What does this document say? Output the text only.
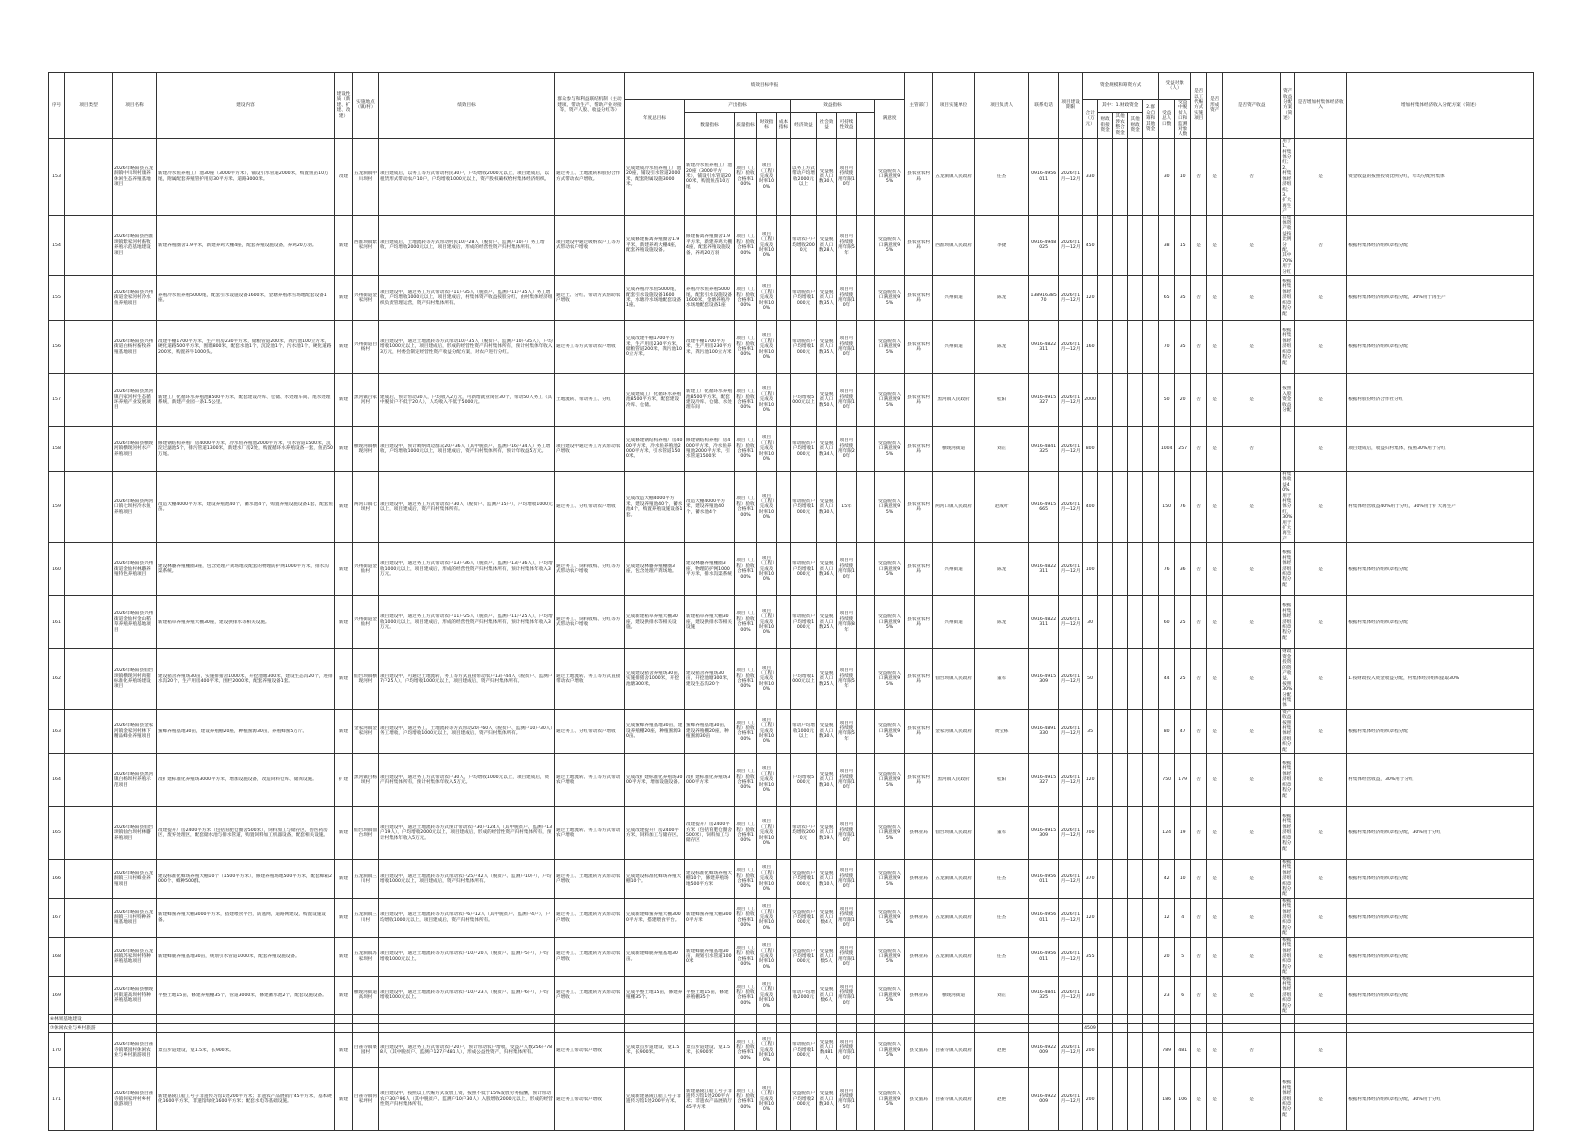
序号	项目类型	项目名称	建设内容	建设性质（新建、扩建、改建）	实施地点（镇/村）	绩效目标	群众参与和利益联结机制（主动建项、带动生产、帮助产业对接等，资产人股、收益分红等）	绩效目标申报										主管部门	项目实施单位	项目负责人	联系电话	项目建设期限	资金规模和筹资方式					受益对象（人）		是否以工代赈方式实施项目	是否形成资产	是否资产收益	资产收益分配方案（简述）	是否增加村集体经济收入	增加村集体经济收入分配方案（简述）
								年度总目标	产出指标				效益指标				满意度						合计（万元）	其中：1.财政资金			2.群众自筹和其他资金	受益总人口数	受益中脱贫人口和监测对象人数						
									数量指标	质量指标	时效指标	成本指标	经济效益	社会效益	可持续性效益									财政衔接资金	其他涉农整合资金	其他财政资金									

153		2026年略阳县五龙洞镇中川坝村康养休闲生态养殖基地项目	新建冷水鱼养殖工厂池30座（3000平方米），铺设引水管道2000米，购置鱼苗10万尾，附属配套养殖管护用房30平方米、道路3000米。	改建	五龙洞镇中川坝村	项目建成后，以务工等方式带动村民30户，户均增收2000元以上，项目建成后，以租赁形式带动农户10户，户均增收1000元以上，资产股权确权给村集体经济组织。	通过务工、土地流转和股份合作方式带动农户增收。	完成建成冷水鱼养殖工厂池20座，铺设引水管道2000米，配套附属设施3000米。	新建冷水鱼养殖工厂池20座（3000平方米），铺设引水管道2000米，购置鱼苗10万尾	项目（工程）验收合格率100%	项目（工程）完成及时率100%		以务工方式带动户均增收2000元以上	受益脱贫人口数30人	项目可持续使用年限10年		受益脱贫人口满意度95%	县农业农村局	五龙洞镇人民政府	任杰	0916-4956011	2026年1月—12月	330					30	10	否	是	否	用于1、村集体分红；2、村集体经济组织；3、扩大再生产	是	资金收益的按照投资比例分红，年均分配村集体

154		2026年略阳县西淮坝镇紫家河村畜牧养殖示范基地建设项目	新建养殖圈舍1.9平米，新建养鸡大棚4座，配套养殖设施设备，养鸡20万羽。	新建	西淮坝镇紫家河村	项目建成后，土地流转等方式带动村民10户28人（脱贫户、监测户10户）务工增收，户均增收2000元以上，项目建成后，形成的经营性资产归村集体所有。	项目建设中通过吸纳农户工等方式带动农户增收	完成修建畜禽养殖圈舍1.9平米，新建养鸡大棚4座，配套养殖设施设备。	修建畜禽养殖圈舍1.9平方米，新建养鸡大棚4座，配套养殖设施设备，养鸡20万羽	项目（工程）验收合格率100%	项目（工程）完成及时率100%		带动农户户均增收2000元	受益脱贫人口数28人	项目可持续使用年限5年		受益脱贫人口满意度95%	县农业农村局	西淮坝镇人民政府	李捷	0916-4948025	2026年1月—12月	450					38	15	是	是	是	在集体资产收益按比例分配，其中70%用于分红	否	根据村集体经济组织章程分配

155		2026年略阳县兴州街道金家河村冷水鱼养殖项目	养殖冷水鱼养殖5000尾，配套引水设施设备1600米，金塘养殖冰雪场地配套设备1座。	新建	兴州街道金家河村	项目建设中，通过务工方式带动农户11户35人（脱贫户、监测户11户35人）务工增收，户均增收1000元以上，项目建成后，村集体资产收益按股分红，由村集体经济组织负责管理运营，资产归村集体所有。	通过土、分红、带动方式帮助农户增收	完成养殖冷水鱼5000尾，配套引水设施设备1600米，水塘冷水场地配套设备1座。	养殖冷水鱼养殖5000尾，配套引水设施设备1600米，金塘养殖冷水场地配套设备1座	项目（工程）验收合格率100%	项目（工程）完成及时率100%		带动脱贫户户均增收1000元	受益脱贫人口数35人	项目可持续使用年限10年		受益脱贫人口满意度95%	县农业农村局	兴州街道	陈龙	13891638570	2026年1月—12月	120					65	35	否	是	是	根据村集体经济组织章程分配	是	根据村集体经济组织章程分配，30%用于再生产

156		2026年略阳县兴州街道白杨村畜牧养殖基地项目	改建牛棚1700平方米，生产用房230平方米，储粮管道200米，粪污池100立方米，硬化道路500平方米，围墙800米，配套水池1个，沉淀池1个，污水池1个，硬化道路200米，购置养牛1000头。	新建	兴州街道白杨村	项目建设中，通过土地流转等方式带动10户35人（脱贫户、监测户10户35人），户均增收1000元以上，项目建成后，形成的经营性资产归村集体所有，预计村集体年收入3万元，村委会制定经营性资产收益分配方案，对农户进行分红。	通过务工等方式带动农户增收	完成改建牛棚1700平方米，生产用房230平方米，储粮管道200米，粪污池100立方米。	改建牛棚1700平方米，生产用房230平方米，粪污池100立方米	项目（工程）验收合格率100%	项目（工程）完成及时率100%		带动脱贫户户均增收1000元	受益脱贫人口数35人	项目可持续使用年限10年		受益脱贫人口满意度95%	县农业农村局	兴州街道	陈龙	0916-4822311	2026年1月—12月	160					70	35	否	是	是	根据村集体经济组织章程分配	是	根据村集体经济组织章程分配

157		2026年略阳县黑河镇百家河村生态循环养殖产业发展项目	新建工厂化循环水养殖池8500平方米，配套建设冷库、仓储、水处理车间、尾水处理系统，新建产业园一条1.5公里。	新建	黑河镇百家河村	建成后，预计带动30人，户均收入2万元，可新增就业岗位30个，带动50人务工（其中脱贫户不低于20人），人均收入不低于5000元。	土地流转、带动务工、分红	完成建成工厂化循环水养殖池8500平方米，配套建设冷库、仓储。	新建工厂化循环水养殖池8500平方米，配套建设冷库、仓储、水处理车间	项目（工程）验收合格率100%	项目（工程）完成及时率100%		户均增收5000元以上	受益脱贫人口数50人	项目可持续使用年限10年		受益脱贫人口满意度95%	县农业农村局	黑河镇人民政府	桂阳	0916-4915327	2026年1月—12月	2000					50	20	否	是	是	按照入股资金收益分配	是	根据村股份经济合作社分红

158		2026年略阳县横现河镇横现河村水产养殖项目	修建钢结构养殖厂房4000平方米，冷水鱼养殖池2000平方米，引水管道1500米，沉淀过滤池5个，排污管道1300米，新建水厂房2处，购置循环水养殖设备一套，鱼苗50万尾。	新建	横现河镇横现河村	项目建设中，预计吸纳周边群众20户36人（其中脱贫户、监测户16户34人）务工增收，户均增收1000元以上，项目建成后，资产归村集体所有，预计年收益5万元。	项目建设中通过务工方式带动农户增收	完成修建钢结构养殖厂房4000平方米，冷水鱼养殖池2000平方米，引水管道1500米。	修建钢结构养殖厂房4000平方米，冷水鱼养殖池2000平方米，引水管道1500米	项目（工程）验收合格率100%	项目（工程）完成及时率100%		带动脱贫户户均增收1000元	受益脱贫人口数34人	项目可持续使用年限20年		受益脱贫人口满意度95%	县农业农村局	横现河街道	刘正	0916-4841325	2026年1月—12月	800					1004	257	否	是	否		是	项目建成后，收益归村集体，按照30%用于分红

159		2026年略阳县两河口镇七坝村冷水鱼养殖项目	改造大棚4000平方米，建设养殖池40个，蓄水池4个，购置养殖设施设备1套，配套鱼苗。	新建	两河口镇七坝村	项目建设中，通过务工方式带动农户30人（脱贫户、监测户15户），户均增收1000元以上，项目建成后，资产归村集体所有。	通过务工、分红带动农户增收	完成改造大棚4000平方米，建设养殖池40个，蓄水池4个，购置养殖设施设备1套。	改造大棚4000平方米，建设养殖池40个，蓄水池4个	项目（工程）验收合格率100%	项目（工程）完成及时率100%		带动脱贫户户均增收1000元	受益脱贫人口数30人	15年		受益脱贫人口满意度95%	县农业农村局	两河口镇人民政府	赵成叶	0916-4915665	2026年1月—12月	400					150	76	否	是	是	村集体收益40%用于村集体分红，30%用于扩大再生产	是	村集体经营收益40%用于分红，30%用于扩大再生产

160		2026年略阳县兴州街道金仙村林麝养殖特色养殖项目	建设林麝养殖棚圈3座，包含处理产粪场地及配套的物理防护网1000平方米，排水沟渠系统。	新建	兴州街道金仙村	项目建设中，通过务工方式带动农户13户36人（脱贫户、监测户13户36人），户均增收1000元以上，项目建成后，形成的经营性资产归村集体所有，预计村集体年收入3万元。	通过务工、饲料收购、分红等方式带动农户增收	完成建设林麝养殖棚圈3座，包含处理产粪场地。	建设林麝养殖棚圈3座，物理防护网1000平方米，排水沟渠系统	项目（工程）验收合格率100%	项目（工程）完成及时率100%		带动脱贫户户均增收1000元	受益脱贫人口数36人	项目可持续使用年限10年		受益脱贫人口满意度95%	县农业农村局	兴州街道	陈龙	0916-4822311	2026年1月—12月	100					76	36	否	是	是	根据村集体经济组织章程分配	是	根据村集体经济组织章程分配

161		2026年略阳县兴州街道金仙村金山稻草养殖养殖基地项目	新建稻草养殖养殖大棚30座，建设供排水等相关设施。	新建	兴州街道金仙村	项目建设中，通过务工方式带动农户11户25人（脱贫户、监测户11户25人），户均增收1000元以上，项目建成后，形成的经营性资产归村集体所有，预计村集体年收入3万元。	通过务工、饲料收购、分红等方式带动农户增收	完成新建稻草养殖大棚30座，建设供排水等相关设施。	新建稻草养殖大棚30座，建设供排水等相关设施	项目（工程）验收合格率100%	项目（工程）完成及时率100%		带动脱贫户户均增收1000元	受益脱贫人口数25人	项目可持续使用年限8年		受益脱贫人口满意度95%	县农业农村局	兴州街道	陈龙	0916-4822311	2026年1月—12月	30					60	25	否	是	是	根据村集体经济组织章程分配	是	根据村集体经济组织章程分配

162		2026年略阳县仙台坝镇横现河村肉猪标准化养殖场建设项目	建设猪舍养殖场30亩，实施排猪舍1000米，开挖池塘300米，建设生态沟20个，进排水沟20个，生产用房400平米，围栏2000米，配套养殖设备1套。	新建	仙台坝镇横现河村	项目建设中，可通过土地流转，务工等方式直接带动农户13户44人（脱贫户、监测户7户25人），户均增收1000元以上，项目建成后，资产归村集体所有。	通过土地流转、务工等方式直接带动农户增收	完成建设猪舍养殖场30亩，实施排猪舍1000米，开挖池塘300米。	建设猪舍养殖场30亩，开挖池塘300米，建设生态沟20个	项目（工程）验收合格率100%	项目（工程）完成及时率100%		户均增收1000元以上	受益脱贫人口数25人	项目可持续使用年限5年		受益脱贫人口满意度95%	县农业农村局	仙台坝镇人民政府	董军	0916-4915309	2026年1月—12月	50					44	25	否	是	是	财政资金投资的资产收益，按照30%分配村集体	是	1.按财政投入资金收益分配，村集体经济组织提取30%

163		2026年略阳县金家河镇金家河村林下精品蜂业养殖项目	蜜蜂养殖基地30亩，建设养殖棚20座，种植蜜源30亩，养殖蜂蜜5万斤。	新建	金家河镇金家河村	项目建设中，通过务工，土地流转等方式带动20户60人（脱贫户、监测户10户30人）务工增收，户均增收1000元以上，项目建成后，资产归村集体所有。	通过务工、分红带动农户增收	完成蜜蜂养殖基地30亩，建设养殖棚20座，种植蜜源30亩。	蜜蜂养殖基地30亩，建设养殖棚20座，种植蜜源30亩	项目（工程）验收合格率100%	项目（工程）完成及时率100%		带动户均增收1000元以上	受益脱贫人口数30人	项目可持续使用年限5年		受益脱贫人口满意度95%	县农业农村局	金家河镇人民政府	黄宝栋	0916-4891330	2026年1月—12月	35					80	47	否	是	是	资产收益按照村集体经济组织分配	是	根据村集体经济组织章程分配

164		2026年略阳县黑河镇白杨坝村养殖示范项目	改扩建标准化养殖场3000平方米，增加设施设备，改造饲料仓库、储粪设施。	扩建	黑河镇白杨坝村	项目建设中，通过务工方式带动农户30人，户均增收1000元以上，项目建成后，资产归村集体所有，预计村集体年收入5万元。	通过土地流转、务工等方式带动农户增收	完成改扩建标准化养殖场3000平方米，增加设施设备。	改扩建标准化养殖场3000平方米	项目（工程）验收合格率100%	项目（工程）完成及时率100%		户均增收5000元	受益脱贫人口数30人	项目可持续使用年限10年		受益脱贫人口满意度95%	县农业农村局	黑河镇人民政府	桂阳	0916-4915327	2026年1月—12月	120					750	179	否	是	是	根据村集体经济组织章程分配	是	村集体经营收益，30%用于分红

165		2026年略阳县仙台坝镇仙台坝村林麝养殖项目	改建提升厂房2400平方米（包括育肥仓圈舍500米），饲料加工与储存区，兽医药房区，废弃处理区，配套储水池与排水管道，购置饲料加工机器设备，配套相关设施。	新建	仙台坝镇仙台坝村	项目建设中，通过土地流转等方式预计带动农户30户124人（其中脱贫户、监测户13户19人），户均增收2000元以上，项目建成后，形成的经营性资产归村集体所有，预计村集体年收入5万元。	通过土地流转、务工等方式带动农户增收	完成改建提升厂房2400平方米，饲料加工与储存区。	改建提升厂房2400平方米（包括育肥仓圈舍500米），饲料加工与储存区	项目（工程）验收合格率100%	项目（工程）完成及时率100%		带动农户户均增收2000元	受益脱贫人口数19人	项目可持续使用年限10年		受益脱贫人口满意度95%	县林业局	仙台坝镇人民政府	董军	0916-4915309	2026年1月—12月	700					124	19	否	是	是	根据村集体经济组织章程分配	是	根据村集体经济组织章程分配，30%用于分红

166		2026年略阳县五龙洞镇三川村蜂业养殖项目	建设标准化蜂场养殖大棚10个（1500平方米），修建养殖场地500平方米，配套蜂箱2000个、蜂种500群。	新建	五龙洞镇三川村	项目建设中，通过土地流转等方式带动农户25户42人（脱贫户、监测户10户），户均增收1000元以上，项目建成后，资产归村集体所有。	通过务工、土地流转方式带动农户增收	完成建设标准化蜂场养殖大棚10个。	建设标准化蜂场养殖大棚10个，修建养殖场地500平方米	项目（工程）验收合格率100%	项目（工程）完成及时率100%		受益脱贫户户均增收1000元	受益脱贫人口数10人	项目可持续使用年限10年		受益脱贫人口满意度95%	县林业局	五龙洞镇人民政府	任杰	0916-4956011	2026年1月—12月	370					42	10	否	是	是	根据村集体经济组织章程分配	是	根据村集体经济组织章程分配

167		2026年略阳县五龙洞镇三川村特种养殖基地项目	新建蜂蜜养殖大棚3000平方米，搭建喂食平台，防逃网，道路网建设，购置设施设备。	新建	五龙洞镇三川村	项目建设中，通过土地流转等方式带动农户6户12人（其中脱贫户、监测户4户），户均增收1000元以上，项目建成后，资产归村集体所有。	通过务工、土地流转方式带动农户增收	完成新建蜂蜜养殖大棚3000平方米，搭建喂食平台。	新建蜂蜜养殖大棚3000平方米	项目（工程）验收合格率100%	项目（工程）完成及时率100%		受益脱贫户户均增收1000元	受益脱贫人口数4人	项目可持续使用年限10年		受益脱贫人口满意度95%	县林业局	五龙洞镇人民政府	任杰	0916-4956011	2026年1月—12月	120					12	4	否	是	是	根据村集体经济组织章程分配	是	根据村集体经济组织章程分配

168		2026年略阳县五龙洞镇苏家坝村特种养殖基地项目	新建蜂鹿养殖基地30亩，规划引水管道1000米，配套养殖设施设备。	新建	五龙洞镇苏家坝村	项目建设中，通过土地流转等方式带动农户10户20人（脱贫户、监测户5户），户均增收1000元以上。	通过务工、土地流转方式带动农户增收	完成新建蜂鹿养殖基地30亩。	新建蜂鹿养殖基地30亩，规划引水管道1000米	项目（工程）验收合格率100%	项目（工程）完成及时率100%		受益脱贫户户均增收1000元	受益脱贫人口数5人	项目可持续使用年限10年		受益脱贫人口满意度95%	县林业局	五龙洞镇人民政府	任杰	0916-4956011	2026年1月—12月	355					20	5	否	是	是	根据村集体经济组织章程分配	是	根据村集体经济组织章程分配

169		2026年略阳县横现河街道高坝村特种养殖基地项目	平整土地15亩，修建养殖棚35个，管道3000米，修建蓄水池2个，配套设施设备。	新建	横现河街道高坝村	项目建设中，通过土地流转等方式带动农户10户23人（脱贫户、监测户6户），户均增收1000元以上。	通过务工、土地流转方式带动农户增收	完成平整土地15亩，修建养殖棚35个。	平整土地15亩，修建养殖棚35个	项目（工程）验收合格率100%	项目（工程）完成及时率100%		带动户均增收2000元	受益脱贫人口数6人	项目可持续使用年限10年		受益脱贫人口满意度95%	县林业局	横现河街道	刘正	0916-4841325	2026年1月—12月	330					23	6	否	是	是	根据村集体经济组织章程分配	是	根据村集体经济组织章程分配

⑥林果基地建设																																			
⑦休闲农业与乡村旅游																							4509												

170		2026年略阳县白雀寺镇菜园村休闲农业与乡村旅游项目	景点步道建设，宽1.5米，长900米。	新建	白雀寺镇菜园村	项目建设中，通过务工方式带动农户20户，预计带动农户增收，受益户人数256户788人（其中脱贫户、监测户127户481人），形成公益性资产，归村集体所有。	通过务工带动农户增收	完成景点步道建设，宽1.5米，长900米。	景点步道建设，宽1.5米，长900米	项目（工程）验收合格率100%	项目（工程）完成及时率100%		带动脱贫户户均增收1000元	受益脱贫人口数481人	项目可持续使用年限10年		受益脱贫人口满意度95%	县文旅局	白雀寺镇人民政府	赵艳	0916-4922009	2026年1月—12月	200					789	481	是	是	否		是	

171		2026年略阳县白雀寺镇何家坪村乡村旅游项目	新建嘉陵江船工号子非遗传习馆1处200平方米；非遗农产品展销厅45平方米，基本硬化1600平方米，非遗馆绿化1600平方米；配套水电等基础设施。	新建	白雀寺镇何家坪村	项目建设中，按照以工代赈方式发放工资，按照不低于15%发放劳务报酬，预计带动农户30户96人（其中脱贫户、监测户10户30人）入股增收2000元以上，形成的经营性资产归村集体所有。	通过务工带动农户增收	完成新建嘉陵江船工号子非遗传习馆1处200平方米。	新建嘉陵江船工号子非遗传习馆1处200平方米；非遗农产品展销厅45平方米	项目（工程）验收合格率100%	项目（工程）完成及时率100%		受益脱贫户户均增收2000元	受益脱贫人口数30人	项目可持续使用年限15年		受益脱贫人口满意度95%	县文旅局	白雀寺镇人民政府	赵艳	0916-4922009	2026年1月—12月	200					186	106	是	是	是	根据村集体经济组织章程分配	是	根据村集体经济组织章程分配，30%用于分红
